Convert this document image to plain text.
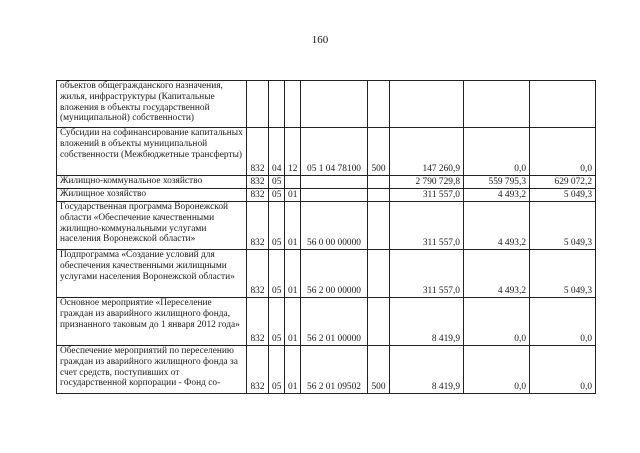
160
объектов общегражданского назначения, жилья, инфраструктуры (Капитальные вложения в объекты государственной (муниципальной) собственности)								
Субсидии на софинансирование капитальных вложений в объекты муниципальной собственности (Межбюджетные трансферты)	832	04	12	05 1 04 78100	500	147 260,9	0,0	0,0
Жилищно-коммунальное хозяйство	832	05				2 790 729,8	559 795,3	629 072,2
Жилищное хозяйство	832	05	01			311 557,0	4 493,2	5 049,3
Государственная программа Воронежской области «Обеспечение качественными жилищно-коммунальными услугами населения Воронежской области»	832	05	01	56 0 00 00000		311 557,0	4 493,2	5 049,3
Подпрограмма «Создание условий для обеспечения качественными жилищными услугами населения Воронежской области»	832	05	01	56 2 00 00000		311 557,0	4 493,2	5 049,3
Основное мероприятие «Переселение граждан из аварийного жилищного фонда, признанного таковым до 1 января 2012 года»	832	05	01	56 2 01 00000		8 419,9	0,0	0,0
Обеспечение мероприятий по переселению граждан из аварийного жилищного фонда за счет средств, поступивших от государственной корпорации - Фонд со-	832	05	01	56 2 01 09502	500	8 419,9	0,0	0,0
